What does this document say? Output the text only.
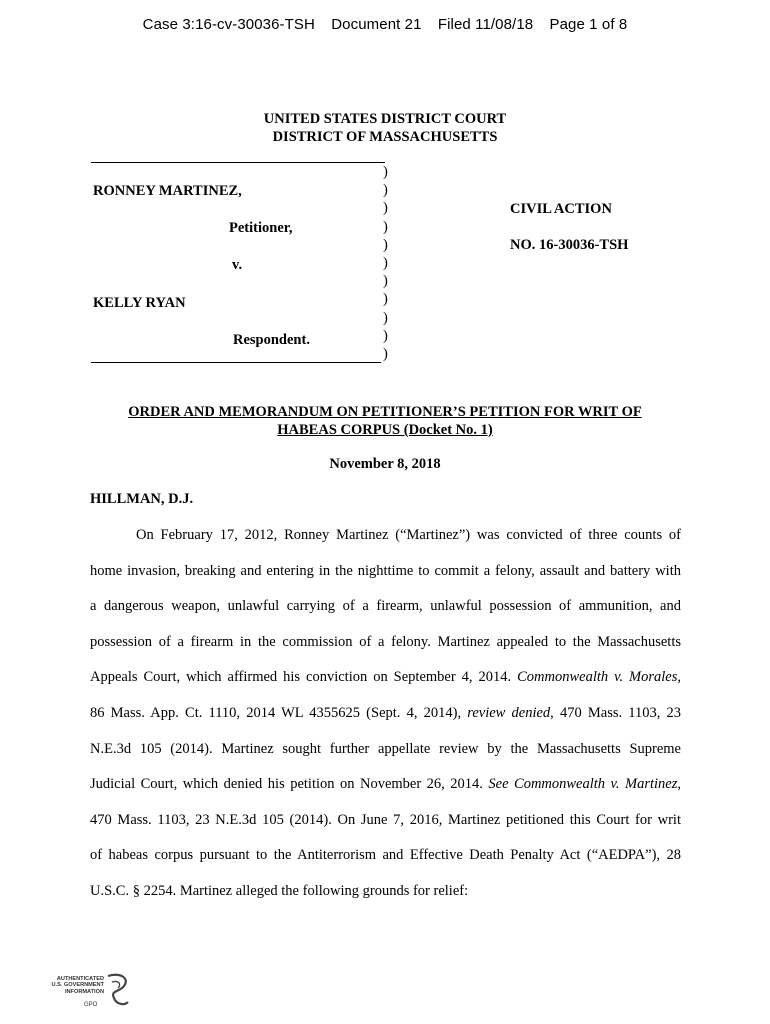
Case 3:16-cv-30036-TSH Document 21 Filed 11/08/18 Page 1 of 8
UNITED STATES DISTRICT COURT
DISTRICT OF MASSACHUSETTS
RONNEY MARTINEZ,
Petitioner,
v.
KELLY RYAN
Respondent.
)
)
)
)
)
)
)
)
)
)
)
CIVIL ACTION
NO. 16-30036-TSH
ORDER AND MEMORANDUM ON PETITIONER’S PETITION FOR WRIT OF
HABEAS CORPUS (Docket No. 1)
November 8, 2018
HILLMAN, D.J.
On February 17, 2012, Ronney Martinez (“Martinez”) was convicted of three counts of
home invasion, breaking and entering in the nighttime to commit a felony, assault and battery with
a dangerous weapon, unlawful carrying of a firearm, unlawful possession of ammunition, and
possession of a firearm in the commission of a felony. Martinez appealed to the Massachusetts
Appeals Court, which affirmed his conviction on September 4, 2014. Commonwealth v. Morales,
86 Mass. App. Ct. 1110, 2014 WL 4355625 (Sept. 4, 2014), review denied, 470 Mass. 1103, 23
N.E.3d 105 (2014). Martinez sought further appellate review by the Massachusetts Supreme
Judicial Court, which denied his petition on November 26, 2014. See Commonwealth v. Martinez,
470 Mass. 1103, 23 N.E.3d 105 (2014). On June 7, 2016, Martinez petitioned this Court for writ
of habeas corpus pursuant to the Antiterrorism and Effective Death Penalty Act (“AEDPA”), 28
U.S.C. § 2254. Martinez alleged the following grounds for relief:
AUTHENTICATED
U.S. GOVERNMENT
INFORMATION
GPO
